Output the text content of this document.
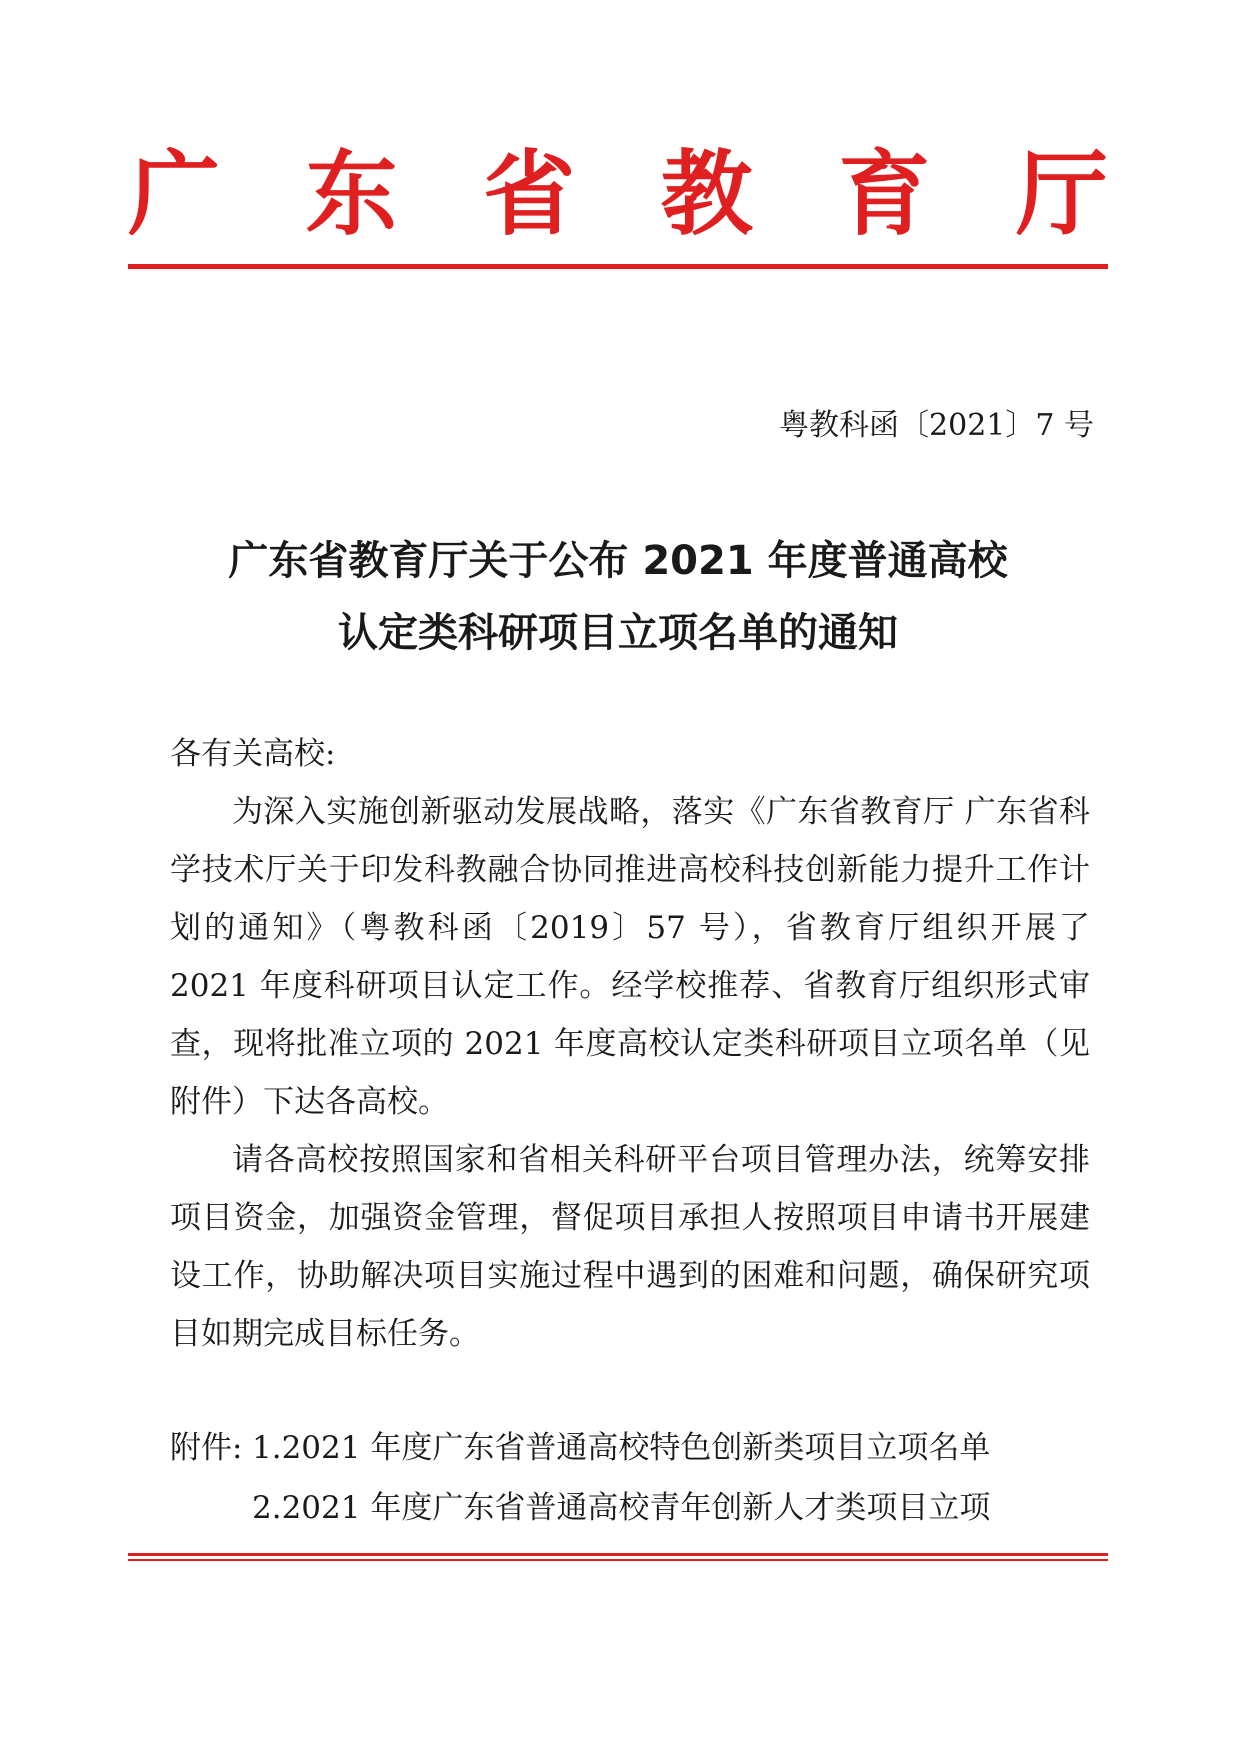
广 东 省 教 育 厅
粤教科函〔2021〕7 号
广东省教育厅关于公布 2021 年度普通高校
认定类科研项目立项名单的通知

各有关高校:

为深入实施创新驱动发展战略，落实《广东省教育厅 广东省科学技术厅关于印发科教融合协同推进高校科技创新能力提升工作计划的通知》（粤教科函〔2019〕57 号），省教育厅组织开展了 2021 年度科研项目认定工作。经学校推荐、省教育厅组织形式审查，现将批准立项的 2021 年度高校认定类科研项目立项名单（见附件）下达各高校。

请各高校按照国家和省相关科研平台项目管理办法，统筹安排项目资金，加强资金管理，督促项目承担人按照项目申请书开展建设工作，协助解决项目实施过程中遇到的困难和问题，确保研究项目如期完成目标任务。

附件: 1.2021 年度广东省普通高校特色创新类项目立项名单
2.2021 年度广东省普通高校青年创新人才类项目立项
